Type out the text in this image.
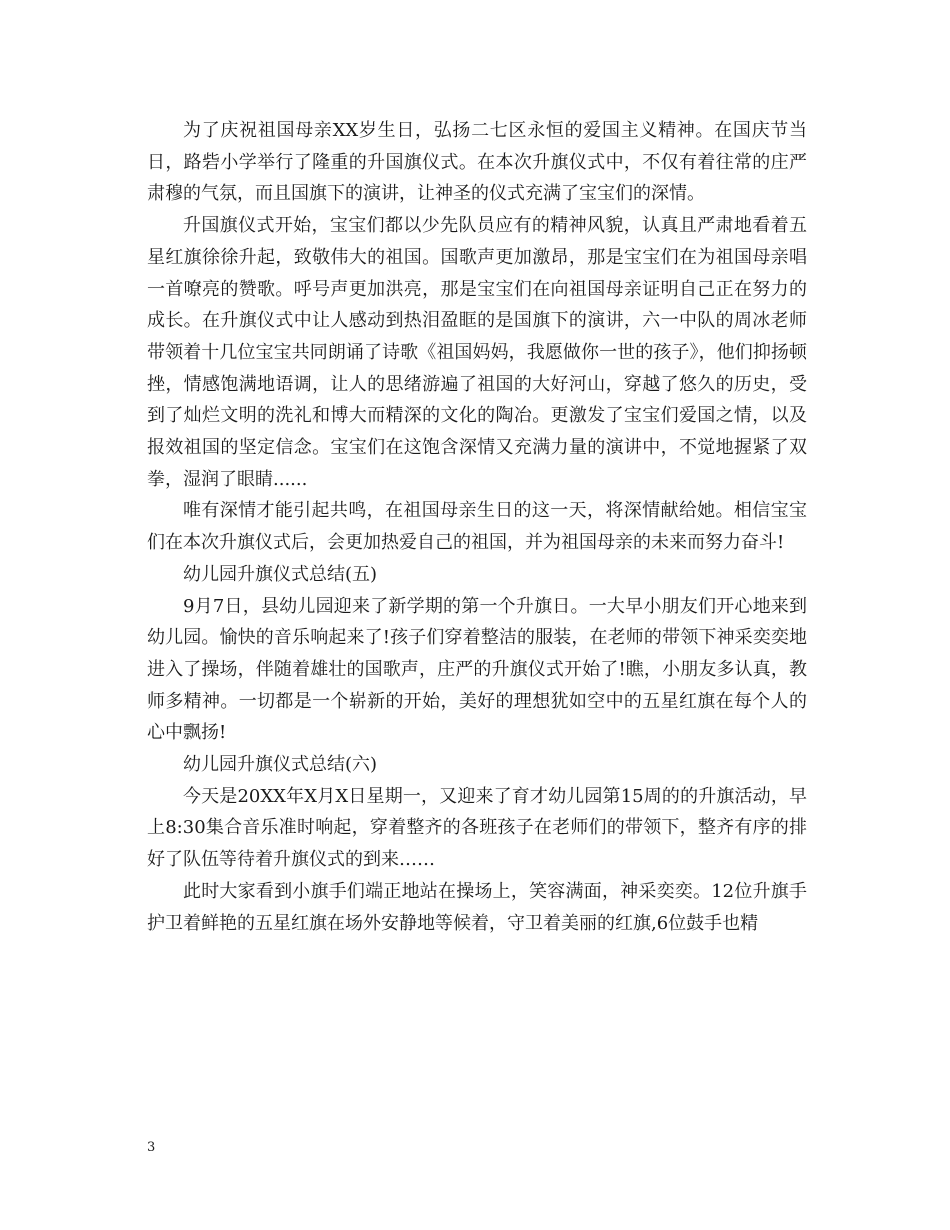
为了庆祝祖国母亲XX岁生日，弘扬二七区永恒的爱国主义精神。在国庆节当日，路砦小学举行了隆重的升国旗仪式。在本次升旗仪式中，不仅有着往常的庄严肃穆的气氛，而且国旗下的演讲，让神圣的仪式充满了宝宝们的深情。

升国旗仪式开始，宝宝们都以少先队员应有的精神风貌，认真且严肃地看着五星红旗徐徐升起，致敬伟大的祖国。国歌声更加激昂，那是宝宝们在为祖国母亲唱一首嘹亮的赞歌。呼号声更加洪亮，那是宝宝们在向祖国母亲证明自己正在努力的成长。在升旗仪式中让人感动到热泪盈眶的是国旗下的演讲，六一中队的周冰老师带领着十几位宝宝共同朗诵了诗歌《祖国妈妈，我愿做你一世的孩子》，他们抑扬顿挫，情感饱满地语调，让人的思绪游遍了祖国的大好河山，穿越了悠久的历史，受到了灿烂文明的洗礼和博大而精深的文化的陶冶。更激发了宝宝们爱国之情，以及报效祖国的坚定信念。宝宝们在这饱含深情又充满力量的演讲中，不觉地握紧了双拳，湿润了眼睛......

唯有深情才能引起共鸣，在祖国母亲生日的这一天，将深情献给她。相信宝宝们在本次升旗仪式后，会更加热爱自己的祖国，并为祖国母亲的未来而努力奋斗!

幼儿园升旗仪式总结(五)

9月7日，县幼儿园迎来了新学期的第一个升旗日。一大早小朋友们开心地来到幼儿园。愉快的音乐响起来了!孩子们穿着整洁的服装，在老师的带领下神采奕奕地进入了操场，伴随着雄壮的国歌声，庄严的升旗仪式开始了!瞧，小朋友多认真，教师多精神。一切都是一个崭新的开始，美好的理想犹如空中的五星红旗在每个人的心中飘扬!

幼儿园升旗仪式总结(六)

今天是20XX年X月X日星期一，又迎来了育才幼儿园第15周的的升旗活动，早上8:30集合音乐准时响起，穿着整齐的各班孩子在老师们的带领下，整齐有序的排好了队伍等待着升旗仪式的到来……

此时大家看到小旗手们端正地站在操场上，笑容满面，神采奕奕。12位升旗手护卫着鲜艳的五星红旗在场外安静地等候着，守卫着美丽的红旗,6位鼓手也精

3
